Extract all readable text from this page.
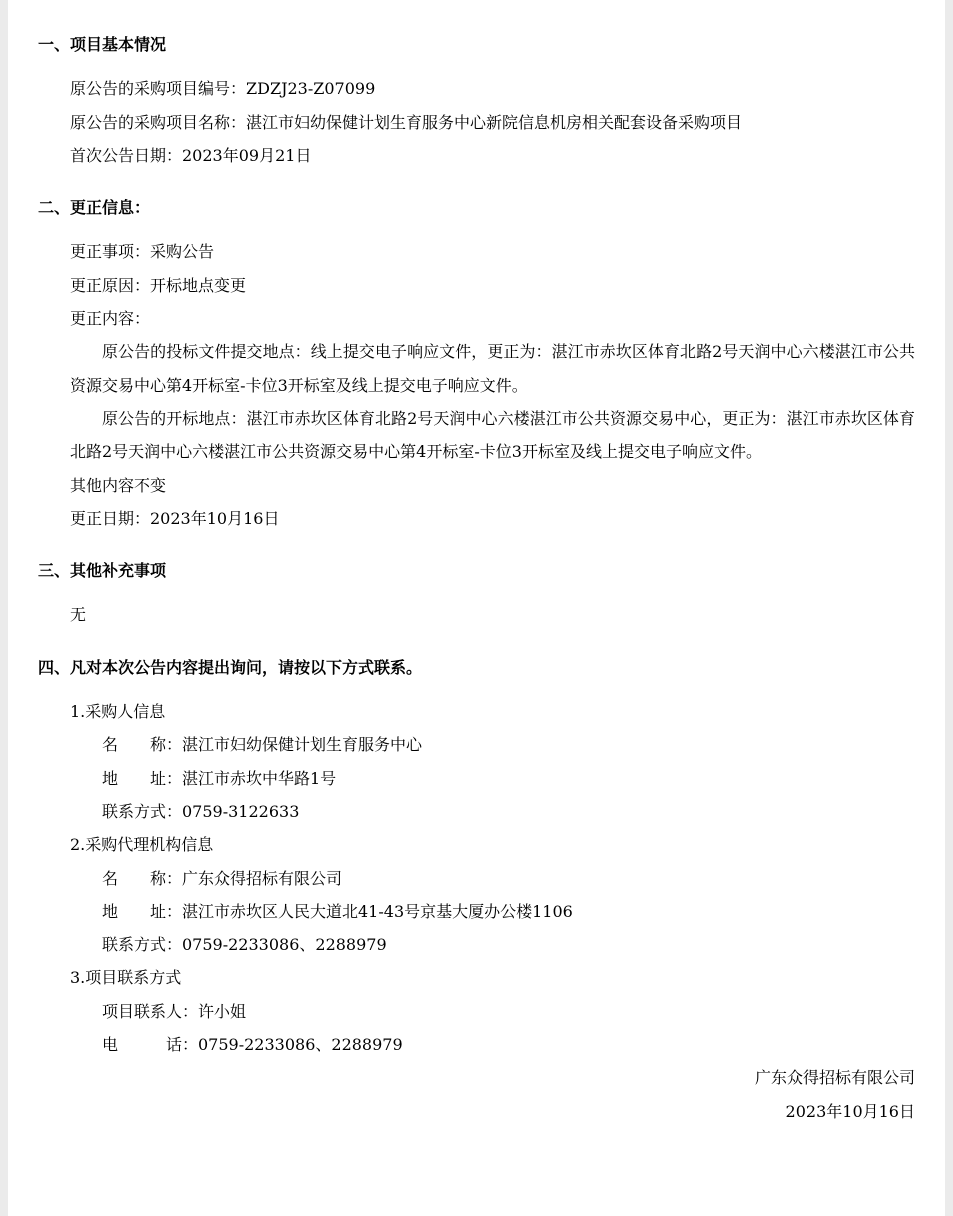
一、项目基本情况

原公告的采购项目编号：ZDZJ23-Z07099

原公告的采购项目名称：湛江市妇幼保健计划生育服务中心新院信息机房相关配套设备采购项目

首次公告日期：2023年09月21日

二、更正信息：

更正事项：采购公告

更正原因：开标地点变更

更正内容：

原公告的投标文件提交地点：线上提交电子响应文件，更正为：湛江市赤坎区体育北路2号天润中心六楼湛江市公共资源交易中心第4开标室-卡位3开标室及线上提交电子响应文件。

原公告的开标地点：湛江市赤坎区体育北路2号天润中心六楼湛江市公共资源交易中心，更正为：湛江市赤坎区体育北路2号天润中心六楼湛江市公共资源交易中心第4开标室-卡位3开标室及线上提交电子响应文件。

其他内容不变

更正日期：2023年10月16日

三、其他补充事项

无

四、凡对本次公告内容提出询问，请按以下方式联系。

1.采购人信息

名　　称：湛江市妇幼保健计划生育服务中心

地　　址：湛江市赤坎中华路1号

联系方式：0759-3122633

2.采购代理机构信息

名　　称：广东众得招标有限公司

地　　址：湛江市赤坎区人民大道北41-43号京基大厦办公楼1106

联系方式：0759-2233086、2288979

3.项目联系方式

项目联系人：许小姐

电　　　话：0759-2233086、2288979

广东众得招标有限公司

2023年10月16日
